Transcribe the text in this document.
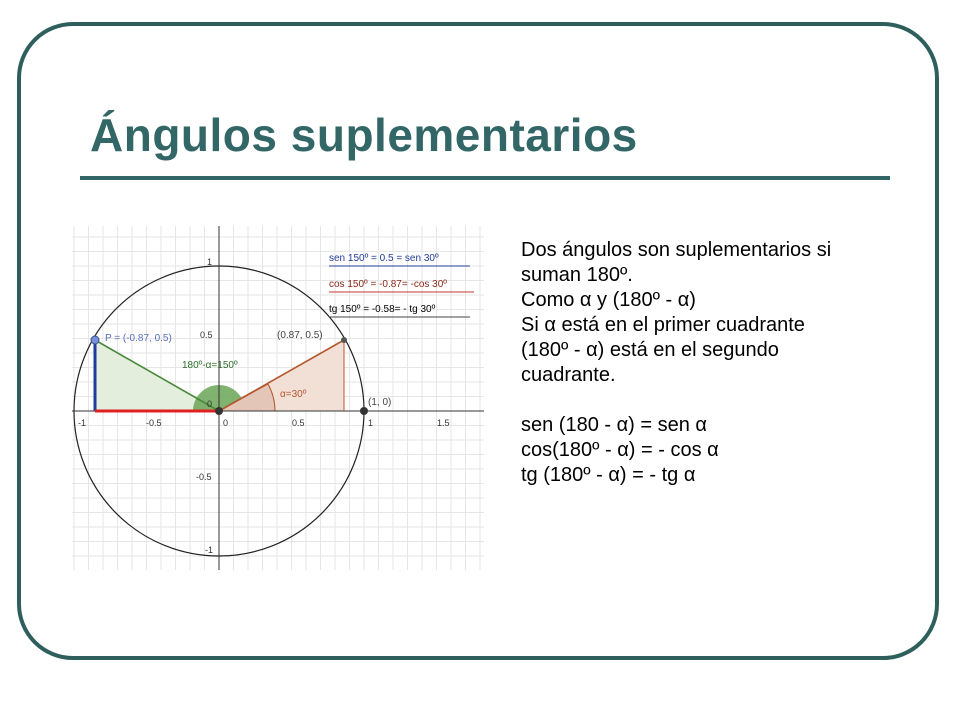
Ángulos suplementarios
-1	-0.5	0	0.5	1	1.5
1
0.5
0
-0.5
-1
P = (-0.87, 0.5)	(0.87, 0.5)
(1, 0)
180º-α=150º
α=30º
sen 150º = 0.5 = sen 30º
cos 150º = -0.87= -cos 30º
tg 150º = -0.58= - tg 30º

Dos ángulos son suplementarios si

suman 180º.

Como α y (180º - α)

Si α está en el primer cuadrante

(180º - α) está en el segundo

cuadrante.

sen (180 - α) = sen α

cos(180º - α) = - cos α

tg (180º - α) = - tg α
